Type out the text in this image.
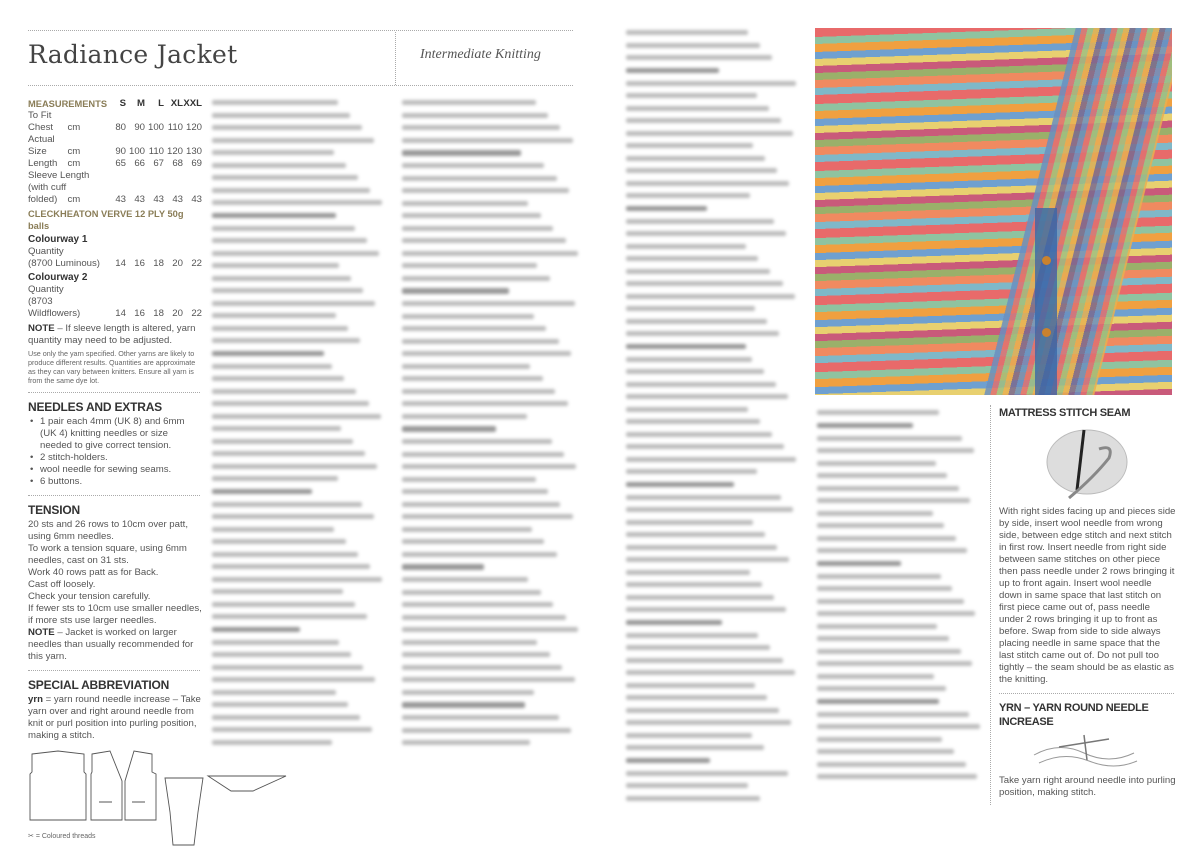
Radiance Jacket	Intermediate Knitting
MEASUREMENTS		S	M	L	XL	XXL
To Fit Chest	cm	80	90	100	110	120
Actual Size	cm	90	100	110	120	130
Length	cm	65	66	67	68	69
Sleeve Length						
(with cuff folded)	cm	43	43	43	43	43
CLECKHEATON VERVE 12 PLY 50g balls
Colourway 1					
Quantity					
(8700 Luminous)	14	16	18	20	22
Colourway 2					
Quantity					
(8703 Wildflowers)	14	16	18	20	22
NOTE – If sleeve length is altered, yarn quantity may need to be adjusted.
Use only the yarn specified. Other yarns are likely to produce different results. Quantities are approximate as they can vary between knitters. Ensure all yarn is from the same dye lot.
NEEDLES AND EXTRAS
• 1 pair each 4mm (UK 8) and 6mm (UK 4) knitting needles or size needed to give correct tension.
• 2 stitch-holders.
• wool needle for sewing seams.
• 6 buttons.
TENSION
20 sts and 26 rows to 10cm over patt, using 6mm needles.
To work a tension square, using 6mm needles, cast on 31 sts.
Work 40 rows patt as for Back.
Cast off loosely.
Check your tension carefully.
If fewer sts to 10cm use smaller needles,
if more sts use larger needles.
NOTE – Jacket is worked on larger needles than usually recommended for this yarn.
SPECIAL ABBREVIATION
yrn = yarn round needle increase – Take yarn over and right around needle from knit or purl position into purling position, making a stitch.
✂ = Coloured threads
MATTRESS STITCH SEAM
With right sides facing up and pieces side by side, insert wool needle from wrong side, between edge stitch and next stitch in first row. Insert needle from right side between same stitches on other piece then pass needle under 2 rows bringing it up to front again. Insert wool needle down in same space that last stitch on first piece came out of, pass needle under 2 rows bringing it up to front as before. Swap from side to side always placing needle in same space that the last stitch came out of. Do not pull too tightly – the seam should be as elastic as the knitting.
YRN – YARN ROUND NEEDLE INCREASE
Take yarn right around needle into purling position, making stitch.
